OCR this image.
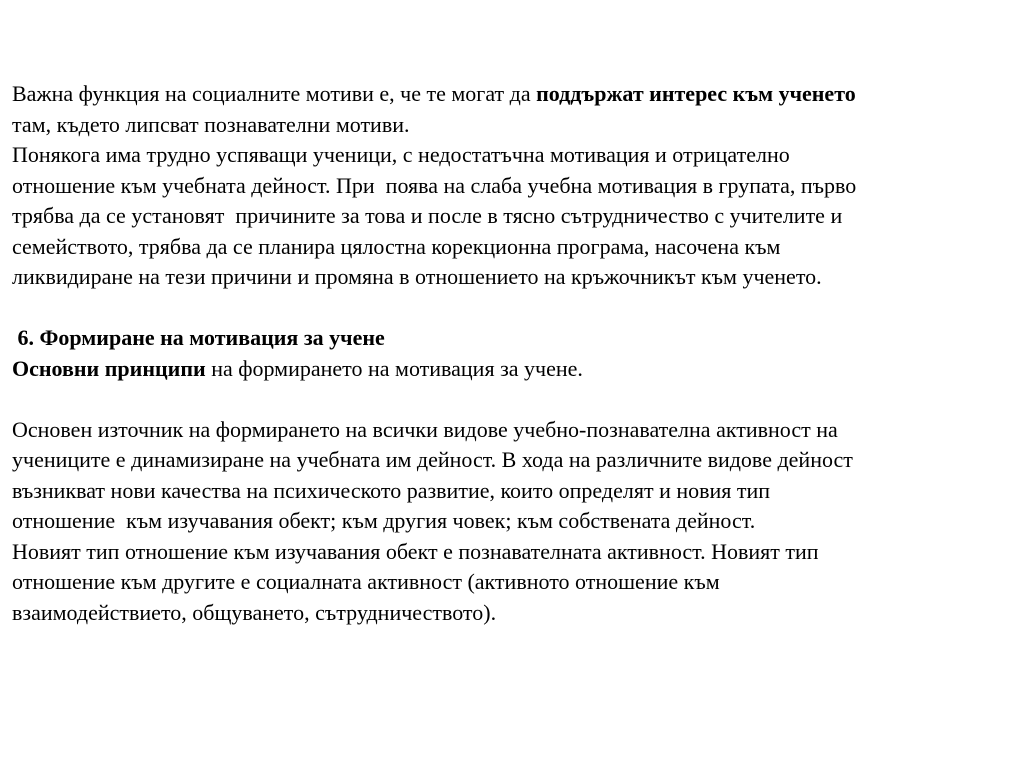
Важна функция на социалните мотиви е, че те могат да поддържат интерес към ученето
там, където липсват познавателни мотиви.
Понякога има трудно успяващи ученици, с недостатъчна мотивация и отрицателно
отношение към учебната дейност. При  поява на слаба учебна мотивация в групата, първо
трябва да се установят  причините за това и после в тясно сътрудничество с учителите и
семейството, трябва да се планира цялостна корекционна програма, насочена към
ликвидиране на тези причини и промяна в отношението на кръжочникът към ученето.
6. Формиране на мотивация за учене
Основни принципи на формирането на мотивация за учене.
Основен източник на формирането на всички видове учебно-познавателна активност на
учениците е динамизиране на учебната им дейност. В хода на различните видове дейност
възникват нови качества на психическото развитие, които определят и новия тип
отношение  към изучавания обект; към другия човек; към собствената дейност.
Новият тип отношение към изучавания обект е познавателната активност. Новият тип
отношение към другите е социалната активност (активното отношение към
взаимодействието, общуването, сътрудничеството).
